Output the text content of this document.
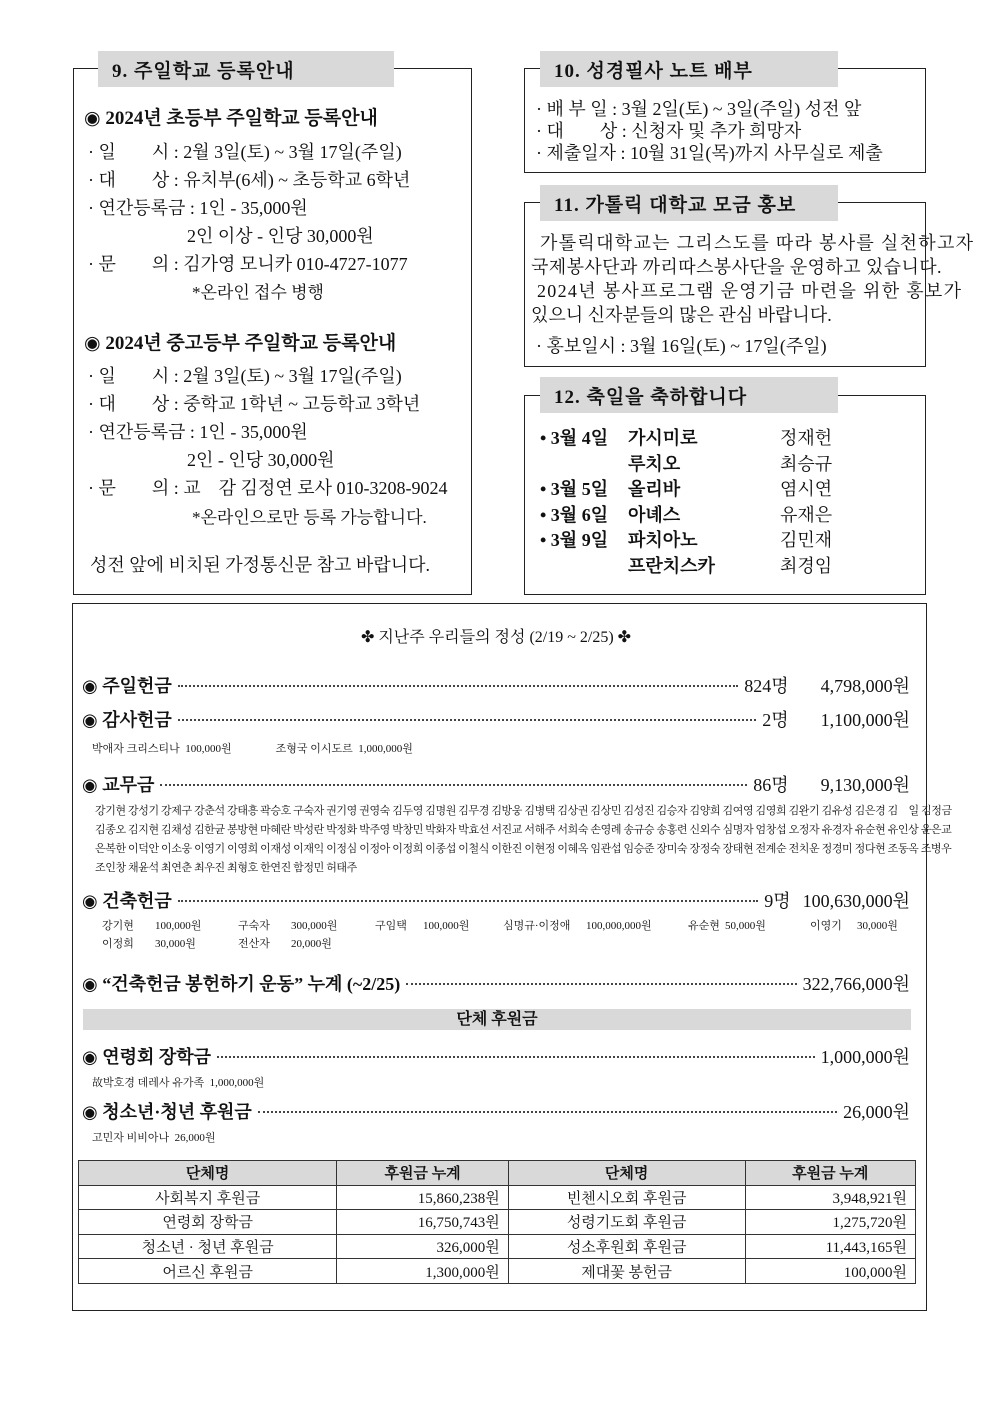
9. 주일학교 등록안내
◉ 2024년 초등부 주일학교 등록안내
· 일　　시 : 2월 3일(토) ~ 3월 17일(주일)
· 대　　상 : 유치부(6세) ~ 초등학교 6학년
· 연간등록금 : 1인 - 35,000원
2인 이상 - 인당 30,000원
· 문　　의 : 김가영 모니카 010-4727-1077
*온라인 접수 병행
◉ 2024년 중고등부 주일학교 등록안내
· 일　　시 : 2월 3일(토) ~ 3월 17일(주일)
· 대　　상 : 중학교 1학년 ~ 고등학교 3학년
· 연간등록금 : 1인 - 35,000원
2인 - 인당 30,000원
· 문　　의 : 교　감 김정연 로사 010-3208-9024
*온라인으로만 등록 가능합니다.
성전 앞에 비치된 가정통신문 참고 바랍니다.
10. 성경필사 노트 배부
· 배 부 일 : 3월 2일(토) ~ 3일(주일) 성전 앞
· 대　　상 : 신청자 및 추가 희망자
· 제출일자 : 10월 31일(목)까지 사무실로 제출
11. 가톨릭 대학교 모금 홍보
가톨릭대학교는 그리스도를 따라 봉사를 실천하고자
국제봉사단과 까리따스봉사단을 운영하고 있습니다.
2024년 봉사프로그램 운영기금 마련을 위한 홍보가
있으니 신자분들의 많은 관심 바랍니다.
· 홍보일시 : 3월 16일(토) ~ 17일(주일)
12. 축일을 축하합니다
• 3월 4일 가시미로	정재헌
루치오	최승규
• 3월 5일 올리바	염시연
• 3월 6일 아녜스	유재은
• 3월 9일 파치아노	김민재
프란치스카	최경임
✤ 지난주 우리들의 정성 (2/19 ~ 2/25) ✤
◉ 주일헌금	824명 4,798,000원
◉ 감사헌금	2명 1,100,000원
박애자 크리스티나  100,000원　　　　조형국 이시도르  1,000,000원
◉ 교무금	86명 9,130,000원
강기현 강성기 강제구 강춘석 강태흥 곽승호 구숙자 권기영 권영숙 김두영 김명원 김무경 김방웅 김병택 김상권 김상민 김성진 김승자 김양희 김여영 김영희 김완기 김유성 김은경 김　일 김정금
김종오 김지현 김채성 김한균 봉방현 마혜란 박성란 박정화 박주영 박창민 박화자 박효선 서진교 서해주 서희숙 손영례 송규승 송홍련 신외수 심명자 엄창섭 오정자 유경자 유순현 유인상 윤은교
은복한 이덕안 이소웅 이영기 이영희 이재성 이재익 이정심 이정아 이정희 이종섭 이철식 이한진 이현정 이혜옥 임관섭 임승준 장미숙 장정숙 장태현 전계순 전치운 정경미 정다현 조동옥 조병우
조인창 채윤석 최연춘 최우진 최형호 한연진 함정민 허태주
◉ 건축헌금	9명 100,630,000원
강기현 100,000원	구숙자 300,000원	구임택 100,000원	심명규·이정애 100,000,000원	유순현 50,000원	이영기 30,000원
이정희 30,000원	전산자 20,000원
◉ “건축헌금 봉헌하기 운동” 누계 (~2/25)	322,766,000원
단체 후원금
◉ 연령회 장학금	1,000,000원
故박호경 데레사 유가족  1,000,000원
◉ 청소년·청년 후원금	26,000원
고민자 비비아나  26,000원
단체명	후원금 누계	단체명	후원금 누계
사회복지 후원금	15,860,238원	빈첸시오회 후원금	3,948,921원
연령회 장학금	16,750,743원	성령기도회 후원금	1,275,720원
청소년 · 청년 후원금	326,000원	성소후원회 후원금	11,443,165원
어르신 후원금	1,300,000원	제대꽃 봉헌금	100,000원
